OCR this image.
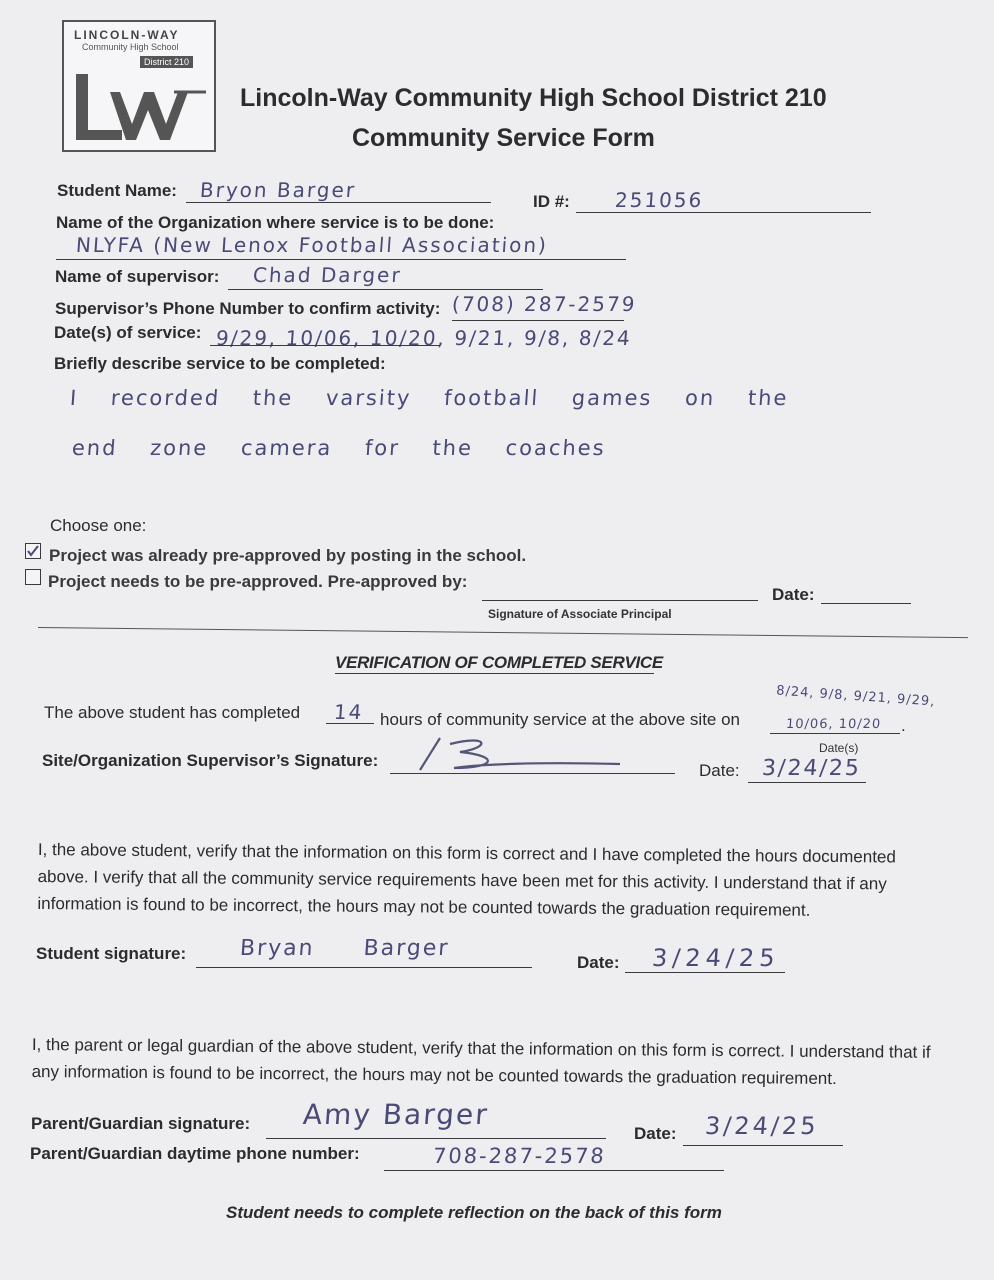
LINCOLN-WAY
Community High School
District 210
Lincoln-Way Community High School District 210
Community Service Form
Student Name: Bryon Barger	ID #: 251056
Name of the Organization where service is to be done:
NLYFA (New Lenox Football Association)
Name of supervisor: Chad Darger
Supervisor’s Phone Number to confirm activity: (708) 287-2579
Date(s) of service: 9/29, 10/06, 10/20, 9/21, 9/8, 8/24
Briefly describe service to be completed:
I recorded the varsity football games on the
end zone camera for the coaches
Choose one:
Project was already pre-approved by posting in the school.
Project needs to be pre-approved. Pre-approved by:
Date:
Signature of Associate Principal
VERIFICATION OF COMPLETED SERVICE
8/24, 9/8, 9/21, 9/29,
The above student has completed 14 hours of community service at the above site on	10/06, 10/20 .
Date(s)
Site/Organization Supervisor’s Signature:
Date: 3/24/25
I, the above student, verify that the information on this form is correct and I have completed the hours documented above. I verify that all the community service requirements have been met for this activity. I understand that if any information is found to be incorrect, the hours may not be counted towards the graduation requirement.
Student signature: Bryan Barger
Date: 3/24/25
I, the parent or legal guardian of the above student, verify that the information on this form is correct. I understand that if any information is found to be incorrect, the hours may not be counted towards the graduation requirement.
Parent/Guardian signature: Amy Barger
Date: 3/24/25
Parent/Guardian daytime phone number:	708-287-2578
Student needs to complete reflection on the back of this form
